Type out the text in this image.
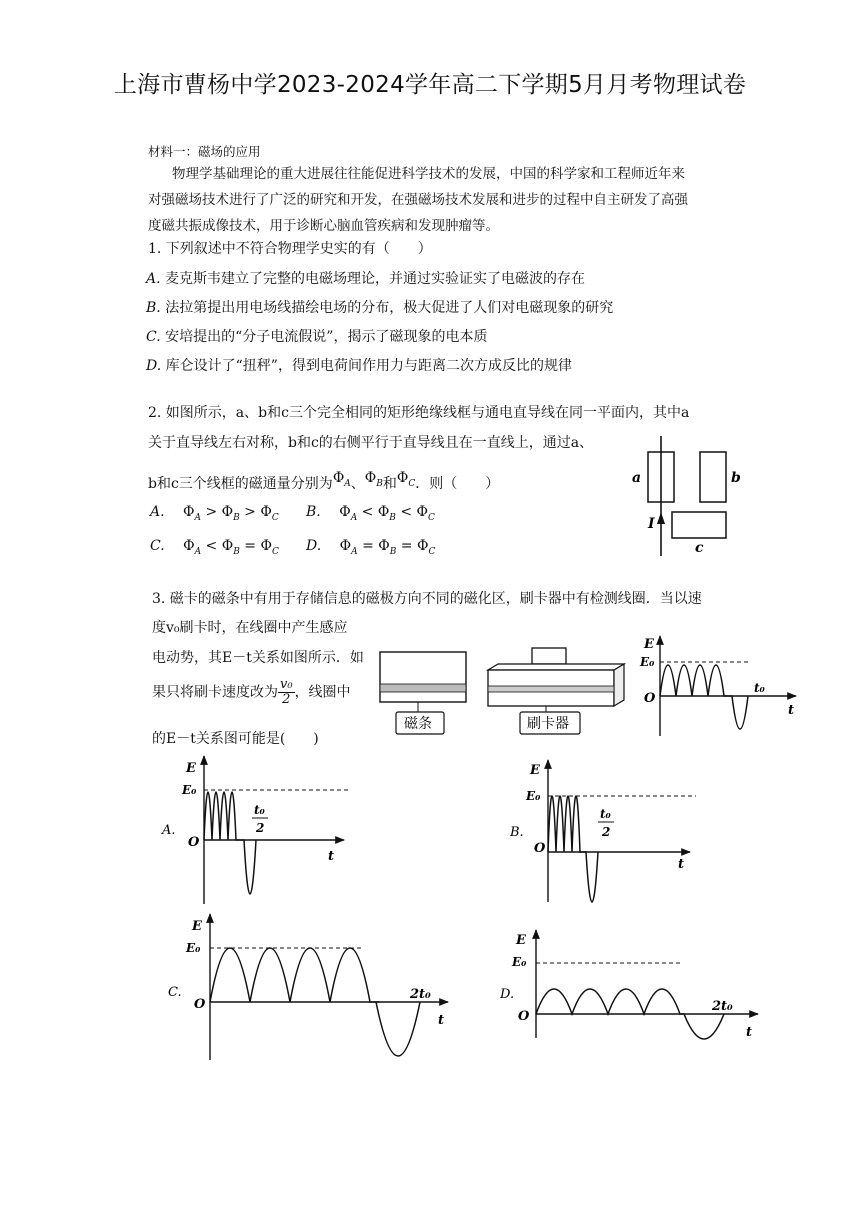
上海市曹杨中学2023-2024学年高二下学期5月月考物理试卷
材料一：磁场的应用
物理学基础理论的重大进展往往能促进科学技术的发展，中国的科学家和工程师近年来
对强磁场技术进行了广泛的研究和开发，在强磁场技术发展和进步的过程中自主研发了高强
度磁共振成像技术，用于诊断心脑血管疾病和发现肿瘤等。
1. 下列叙述中不符合物理学史实的有（　　）
A. 麦克斯韦建立了完整的电磁场理论，并通过实验证实了电磁波的存在
B. 法拉第提出用电场线描绘电场的分布，极大促进了人们对电磁现象的研究
C. 安培提出的“分子电流假说”，揭示了磁现象的电本质
D. 库仑设计了“扭秤”，得到电荷间作用力与距离二次方成反比的规律
2. 如图所示，a、b和c三个完全相同的矩形绝缘线框与通电直导线在同一平面内，其中a
关于直导线左右对称，b和c的右侧平行于直导线且在一直线上，通过a、
b和c三个线框的磁通量分别为$\Phi_A$、$\Phi_B$和$\Phi_C$．则（　　）
A. $\Phi_A > \Phi_B > \Phi_C$ B. $\Phi_A < \Phi_B < \Phi_C$
C. $\Phi_A < \Phi_B = \Phi_C$ D. $\Phi_A = \Phi_B = \Phi_C$
a	b
c
I
3. 磁卡的磁条中有用于存储信息的磁极方向不同的磁化区，刷卡器中有检测线圈．当以速
度v₀刷卡时，在线圈中产生感应
电动势，其E－t关系如图所示．如
果只将刷卡速度改为 $\frac{\text{v₀}}{2}$ ，线圈中
的E－t关系图可能是(　　)
磁条	刷卡器
E
E₀
O
t₀
t
A.
E
E₀
O
t₀
2
t
B.
E
E₀
O
t₀
2
t
C.
E
E₀
O
2t₀
t
D.
E
E₀
O
2t₀
t
